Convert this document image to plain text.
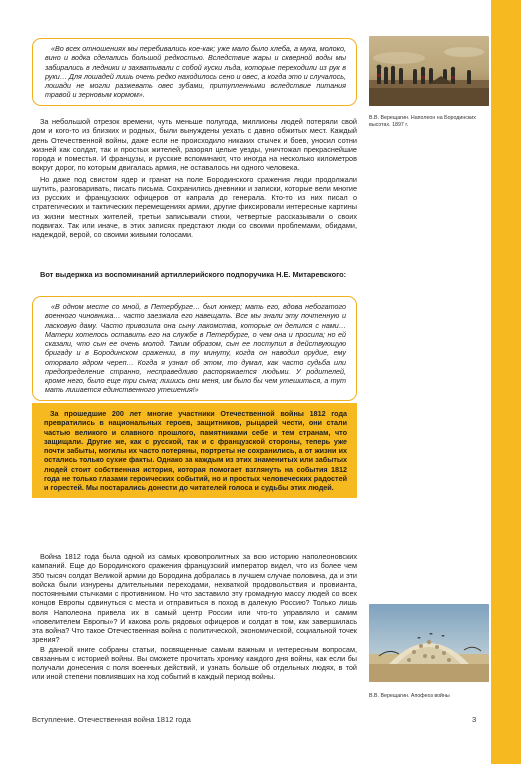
«Во всех отношениях мы перебивались кое-как; уже мало было хлеба, а мука, молоко, вино и водка сделались большой редкостью. Вследствие жары и скверной воды мы забирались в ледники и захватывали с собой куски льда, которые переходили из рук в руки… Для лошадей лишь очень редко находилось сено и овес, а когда это и случалось, лошади не могли разжевать овес зубами, притупленными вследствие питания травой и зерновым кормом».

За небольшой отрезок времени, чуть меньше полугода, миллионы людей потеряли свой дом и кого-то из близких и родных, были вынуждены уехать с давно обжитых мест. Каждый день Отечественной войны, даже если не происходило никаких стычек и боев, уносил сотни жизней как солдат, так и простых жителей, разорял целые уезды, уничтожал прекраснейшие города и поместья. И французы, и русские вспоминают, что иногда на несколько километров вокруг дорог, по которым двигалась армия, не оставалось ни одного человека.

Но даже под свистом ядер и гранат на поле Бородинского сражения люди продолжали шутить, разговаривать, писать письма. Сохранились дневники и записки, которые вели многие из русских и французских офицеров от капрала до генерала. Кто-то из них писал о стратегических и тактических перемещениях армии, другие фиксировали интересные картины из жизни местных жителей, третьи записывали стихи, четвертые рассказывали о своих подвигах. Так или иначе, в этих записях предстают люди со своими проблемами, обидами, надеждой, верой, со своими живыми голосами.

Вот выдержка из воспоминаний артиллерийского подпоручика Н.Е. Митаревского:

«В одном месте со мной, в Петербурге… был юнкер; мать его, вдова небогатого военного чиновника… часто заезжала его навещать. Все мы знали эту почтенную и ласковую даму. Часто привозила она сыну лакомства, которые он делился с нами… Матери хотелось оставить его на службе в Петербурге, о чем она и просила; но ей сказали, что сын ее очень молод. Таким образом, сын ее поступил в действующую бригаду и в Бородинском сражении, в ту минуту, когда он наводил орудие, ему оторвало ядром череп… Когда я узнал об этом, то думал, как часто судьба или предопределение странно, несправедливо распоряжается людьми. У родителей, кроме него, было еще три сына; лишись они меня, им было бы чем утешиться, а тут мать лишается единственного утешения!»

За прошедшие 200 лет многие участники Отечественной войны 1812 года превратились в национальных героев, защитников, рыцарей чести, они стали частью великого и славного прошлого, памятниками себе и тем странам, что защищали. Другие же, как с русской, так и с французской стороны, теперь уже почти забыты, могилы их часто потеряны, портреты не сохранились, а от жизни их остались только сухие факты. Однако за каждым из этих знаменитых или забытых людей стоит собственная история, которая помогает взглянуть на события 1812 года не только глазами героических событий, но и простых человеческих радостей и горестей. Мы постарались донести до читателей голоса и судьбы этих людей.

Война 1812 года была одной из самых кровопролитных за всю историю наполеоновских кампаний. Еще до Бородинского сражения французский император видел, что из более чем 350 тысяч солдат Великой армии до Бородина добралась в лучшем случае половина, да и эти войска были изнурены длительными переходами, нехваткой продовольствия и провианта, постоянными стычками с противником. Но что заставило эту громадную массу людей со всех концов Европы сдвинуться с места и отправиться в поход в далекую Россию? Только лишь воля Наполеона привела их в самый центр России или что-то управляло и самим «повелителем Европы»? И какова роль рядовых офицеров и солдат в том, как завершилась эта война? Что такое Отечественная война с политической, экономической, социальной точек зрения?

В данной книге собраны статьи, посвященные самым важным и интересным вопросам, связанным с историей войны. Вы сможете прочитать хронику каждого дня войны, как если бы получали донесения с поля военных действий, и узнать больше об отдельных людях, в той или иной степени повлиявших на ход событий в каждый период войны.

В.В. Верещагин. Наполеон на Бородинских высотах. 1897 г.

В.В. Верещагин. Апофеоз войны

Вступление. Отечественная война 1812 года	3
